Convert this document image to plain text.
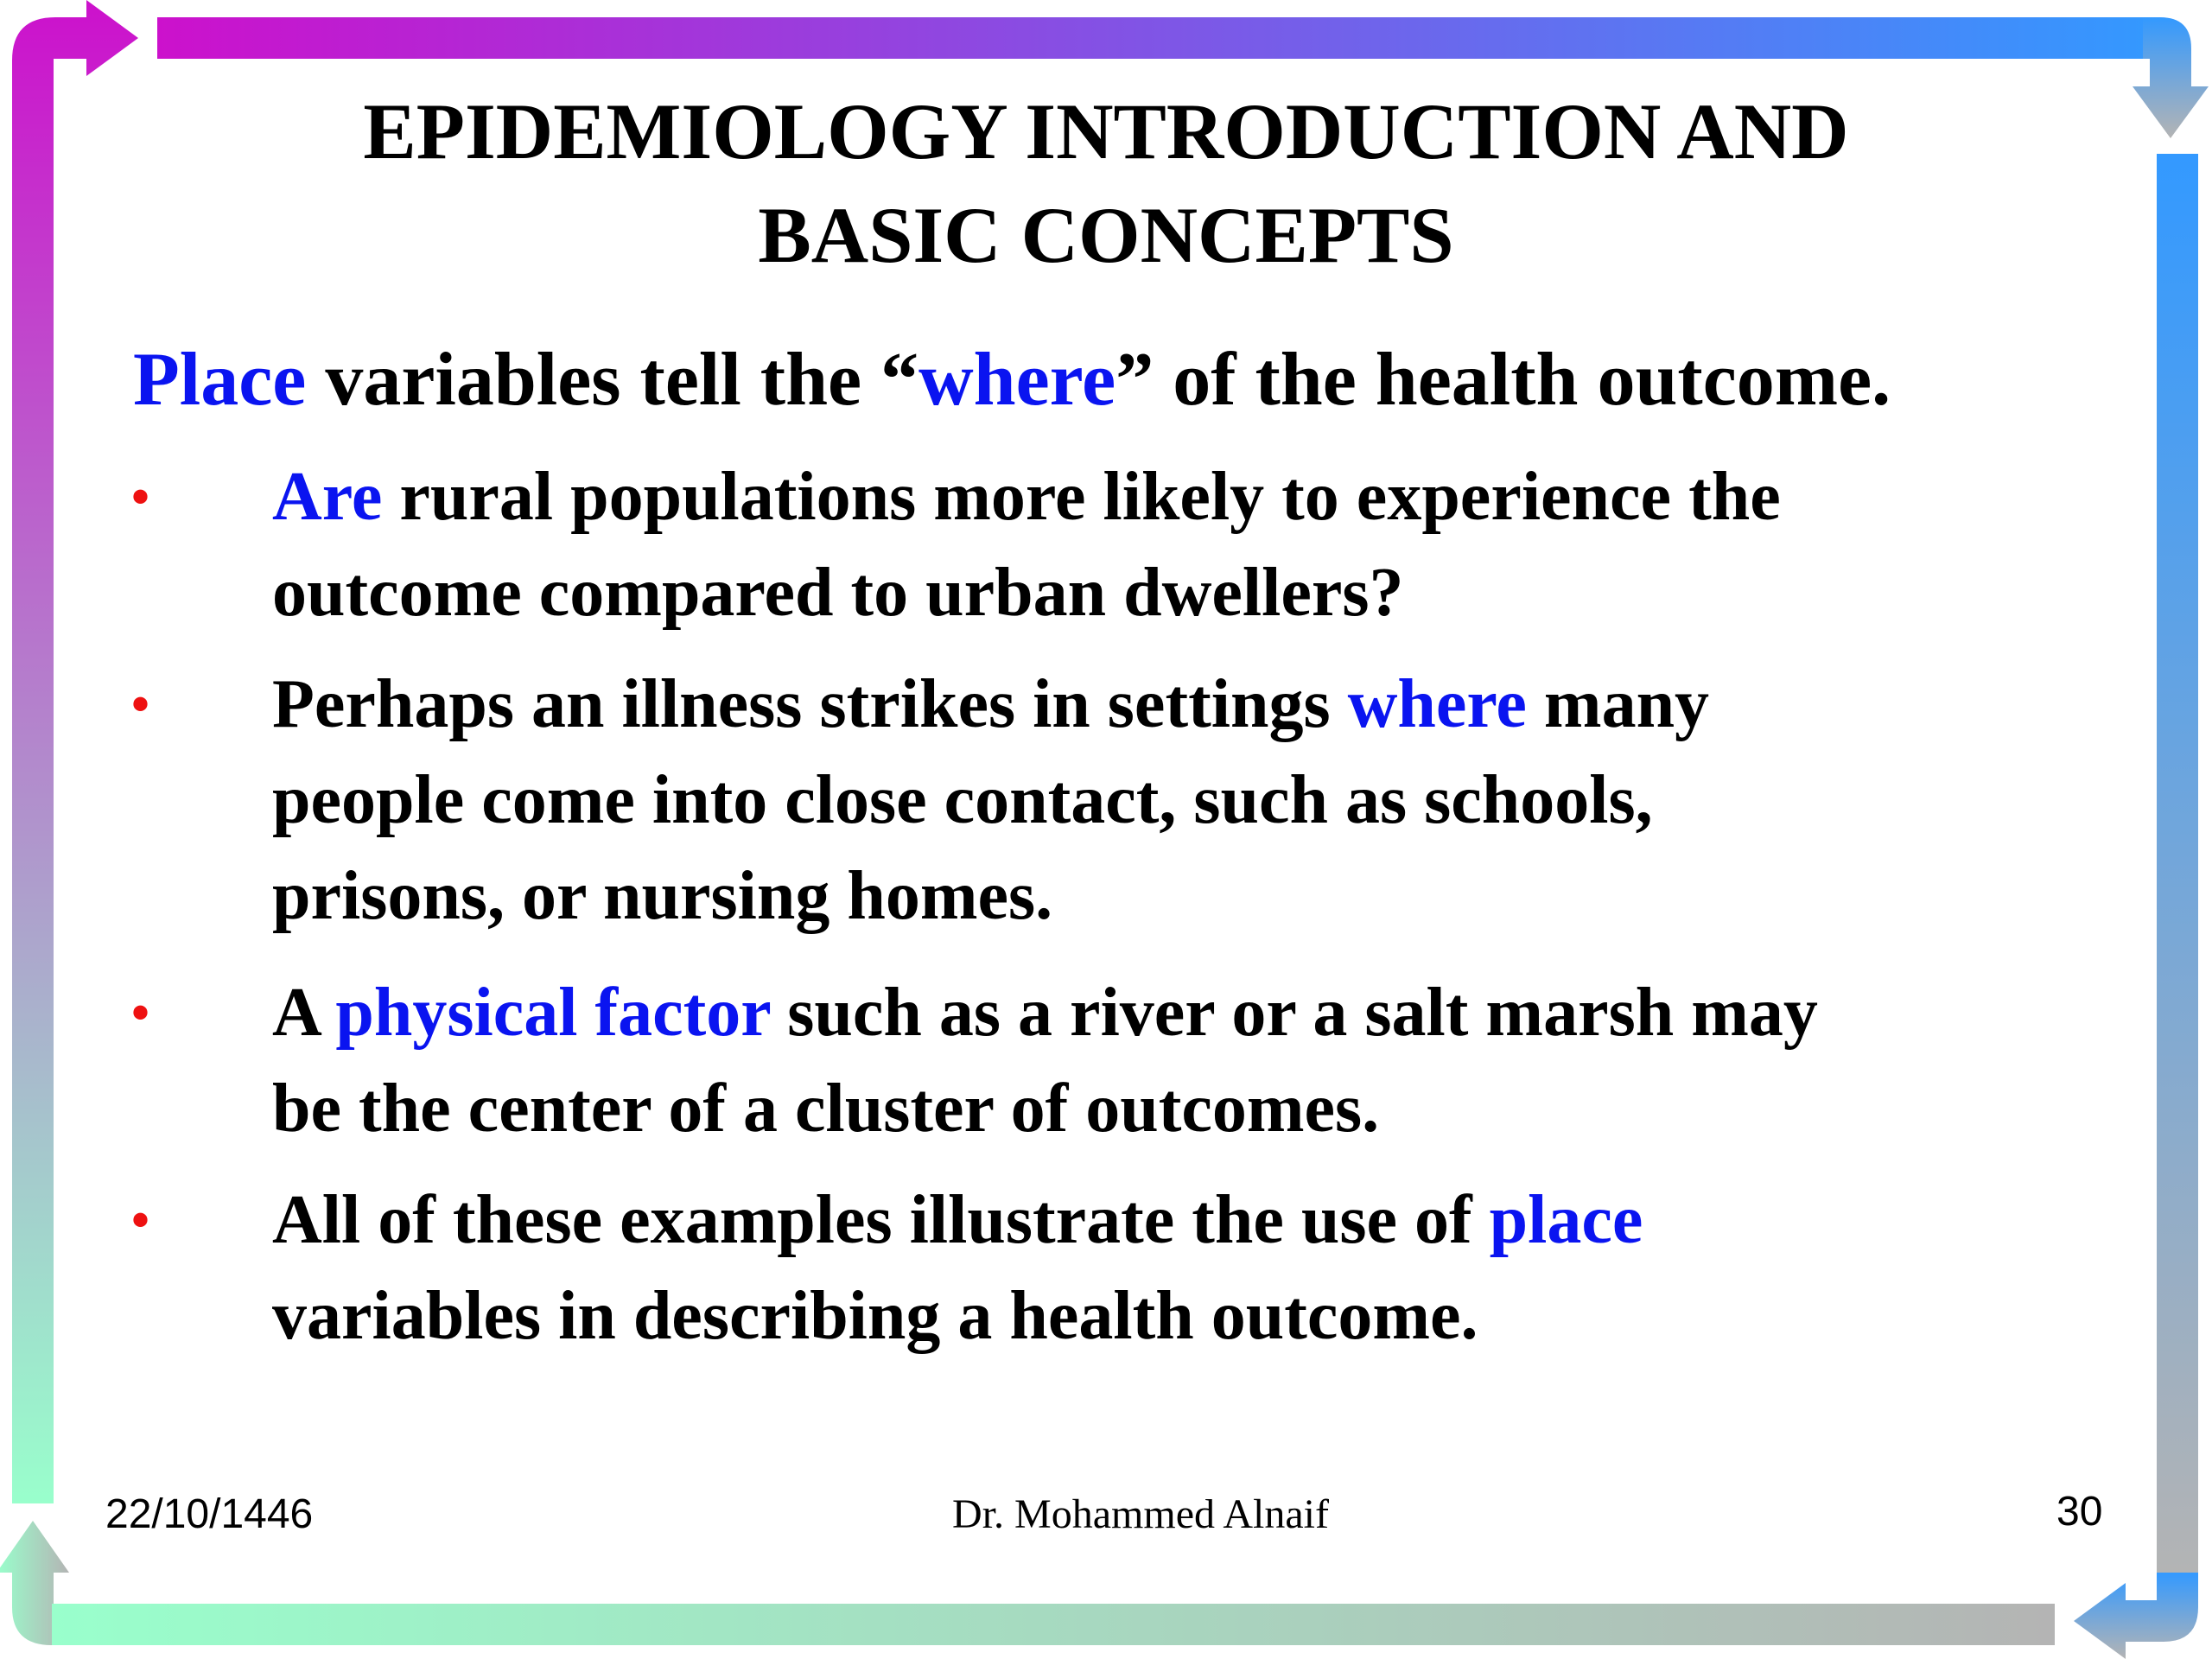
EPIDEMIOLOGY INTRODUCTION AND
BASIC CONCEPTS
Place variables tell the “where” of the health outcome.
• Are rural populations more likely to experience the
outcome compared to urban dwellers?
• Perhaps an illness strikes in settings where many
people come into close contact, such as schools,
prisons, or nursing homes.
• A physical factor such as a river or a salt marsh may
be the center of a cluster of outcomes.
• All of these examples illustrate the use of place
variables in describing a health outcome.
22/10/1446	Dr. Mohammed Alnaif	30
